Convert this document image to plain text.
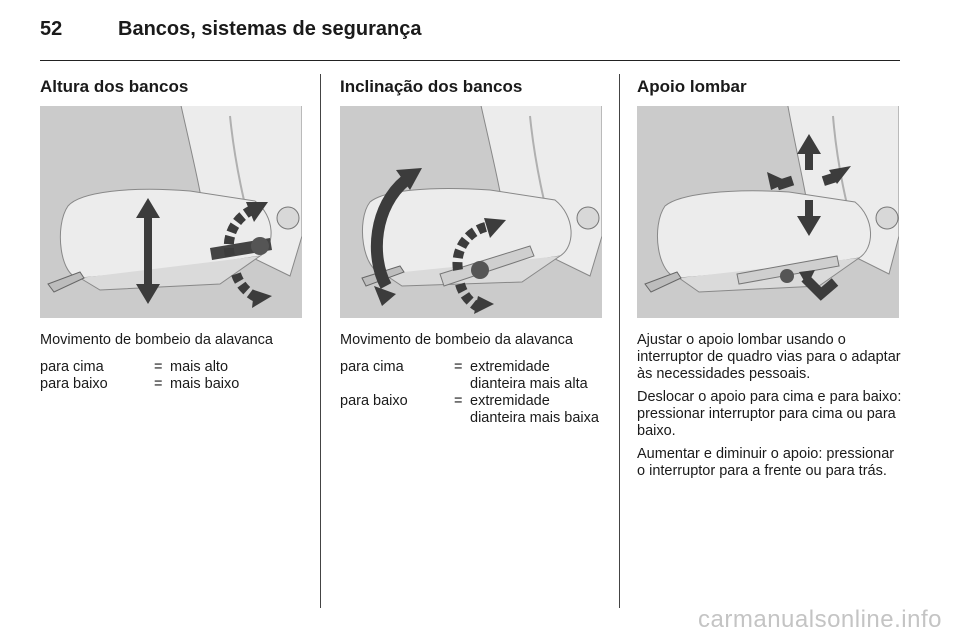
52	Bancos, sistemas de segurança
Altura dos bancos
Movimento de bombeio da alavanca
para cima	= mais alto
para baixo	= mais baixo
Inclinação dos bancos
Movimento de bombeio da alavanca
para cima	= extremidade dianteira mais alta
para baixo	= extremidade dianteira mais baixa
Apoio lombar

Ajustar o apoio lombar usando o interruptor de quadro vias para o adaptar às necessidades pessoais.

Deslocar o apoio para cima e para baixo: pressionar interruptor para cima ou para baixo.

Aumentar e diminuir o apoio: pressionar o interruptor para a frente ou para trás.

carmanualsonline.info
